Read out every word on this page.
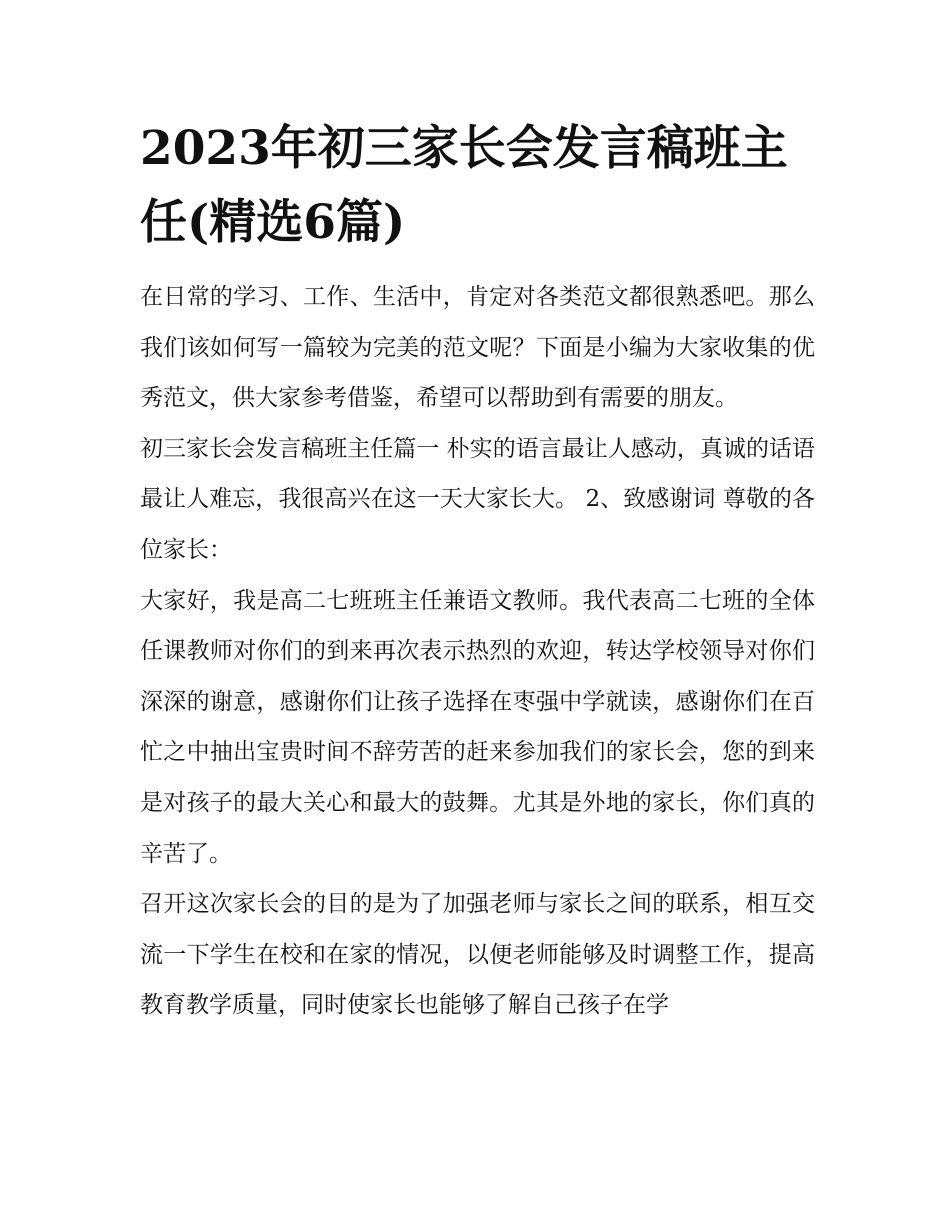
2023年初三家长会发言稿班主任(精选6篇)

在日常的学习、工作、生活中，肯定对各类范文都很熟悉吧。那么我们该如何写一篇较为完美的范文呢？下面是小编为大家收集的优秀范文，供大家参考借鉴，希望可以帮助到有需要的朋友。

初三家长会发言稿班主任篇一 朴实的语言最让人感动，真诚的话语最让人难忘，我很高兴在这一天大家长大。 2、致感谢词 尊敬的各位家长：

大家好，我是高二七班班主任兼语文教师。我代表高二七班的全体任课教师对你们的到来再次表示热烈的欢迎，转达学校领导对你们深深的谢意，感谢你们让孩子选择在枣强中学就读，感谢你们在百忙之中抽出宝贵时间不辞劳苦的赶来参加我们的家长会，您的到来是对孩子的最大关心和最大的鼓舞。尤其是外地的家长，你们真的辛苦了。

召开这次家长会的目的是为了加强老师与家长之间的联系，相互交流一下学生在校和在家的情况，以便老师能够及时调整工作，提高教育教学质量，同时使家长也能够了解自己孩子在学
